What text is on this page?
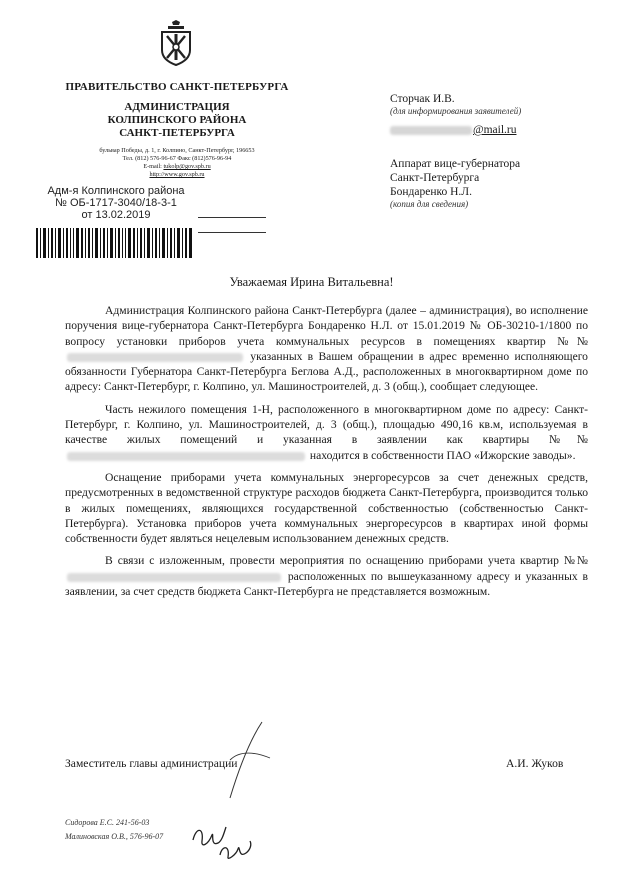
ПРАВИТЕЛЬСТВО САНКТ-ПЕТЕРБУРГА
АДМИНИСТРАЦИЯ
КОЛПИНСКОГО РАЙОНА
САНКТ-ПЕТЕРБУРГА
бульвар Победы, д. 1, г. Колпино, Санкт-Петербург, 196653
Тел. (812) 576-96-67 Факс (812)576-96-94
E-mail: tukolp@gov.spb.ru
http://www.gov.spb.ru
Адм-я Колпинского района
№ ОБ-1717-3040/18-3-1
от 13.02.2019
Сторчак И.В.
(для информирования заявителей)
@mail.ru
Аппарат вице-губернатора
Санкт-Петербурга
Бондаренко Н.Л.
(копия для сведения)
Уважаемая Ирина Витальевна!

Администрация Колпинского района Санкт-Петербурга (далее – администрация), во исполнение поручения вице-губернатора Санкт-Петербурга Бондаренко Н.Л. от 15.01.2019 № ОБ-30210-1/1800 по вопросу установки приборов учета коммунальных ресурсов в помещениях квартир №№  указанных в Вашем обращении в адрес временно исполняющего обязанности Губернатора Санкт-Петербурга Беглова А.Д., расположенных в многоквартирном доме по адресу: Санкт-Петербург, г. Колпино, ул. Машиностроителей, д. 3 (общ.), сообщает следующее.

Часть нежилого помещения 1-Н, расположенного в многоквартирном доме по адресу: Санкт-Петербург, г. Колпино, ул. Машиностроителей, д. 3 (общ.), площадью 490,16 кв.м, используемая в качестве жилых помещений и указанная в заявлении как квартиры №№  находится в собственности ПАО «Ижорские заводы».

Оснащение приборами учета коммунальных энергоресурсов за счет денежных средств, предусмотренных в ведомственной структуре расходов бюджета Санкт-Петербурга, производится только в жилых помещениях, являющихся государственной собственностью (собственностью Санкт-Петербурга). Установка приборов учета коммунальных энергоресурсов в квартирах иной формы собственности будет являться нецелевым использованием денежных средств.

В связи с изложенным, провести мероприятия по оснащению приборами учета квартир №№  расположенных по вышеуказанному адресу и указанных в заявлении, за счет средств бюджета Санкт-Петербурга не представляется возможным.

Заместитель главы администрации	А.И. Жуков
Сидорова Е.С. 241-56-03
Малиновская О.В., 576-96-07
